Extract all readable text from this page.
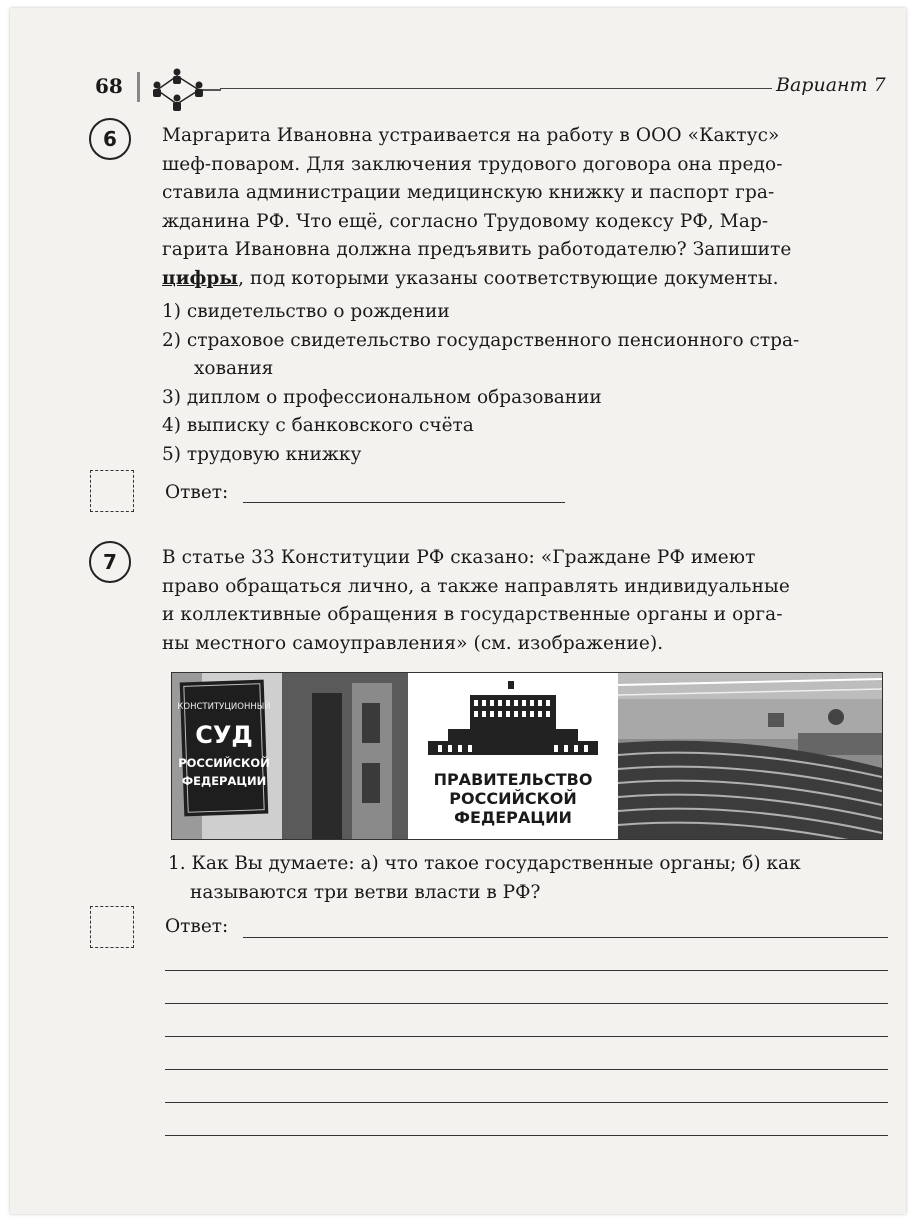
68	Вариант 7
6	Маргарита Ивановна устраивается на работу в ООО «Кактус»

шеф-поваром. Для заключения трудового договора она предо-

ставила администрации медицинскую книжку и паспорт гра-

жданина РФ. Что ещё, согласно Трудовому кодексу РФ, Мар-

гарита Ивановна должна предъявить работодателю? Запишите

цифры, под которыми указаны соответствующие документы.

1) свидетельство о рождении
2) страховое свидетельство государственного пенсионного стра-
хования
3) диплом о профессиональном образовании
4) выписку с банковского счёта
5) трудовую книжку
Ответ:
7	В статье 33 Конституции РФ сказано: «Граждане РФ имеют

право обращаться лично, а также направлять индивидуальные

и коллективные обращения в государственные органы и орга-

ны местного самоуправления» (см. изображение).

КОНСТИТУЦИОННЫЙ
СУД
РОССИЙСКОЙ
ФЕДЕРАЦИИ	ПРАВИТЕЛЬСТВО
РОССИЙСКОЙ
ФЕДЕРАЦИИ
1. Как Вы думаете: а) что такое государственные органы; б) как
называются три ветви власти в РФ?
Ответ:
